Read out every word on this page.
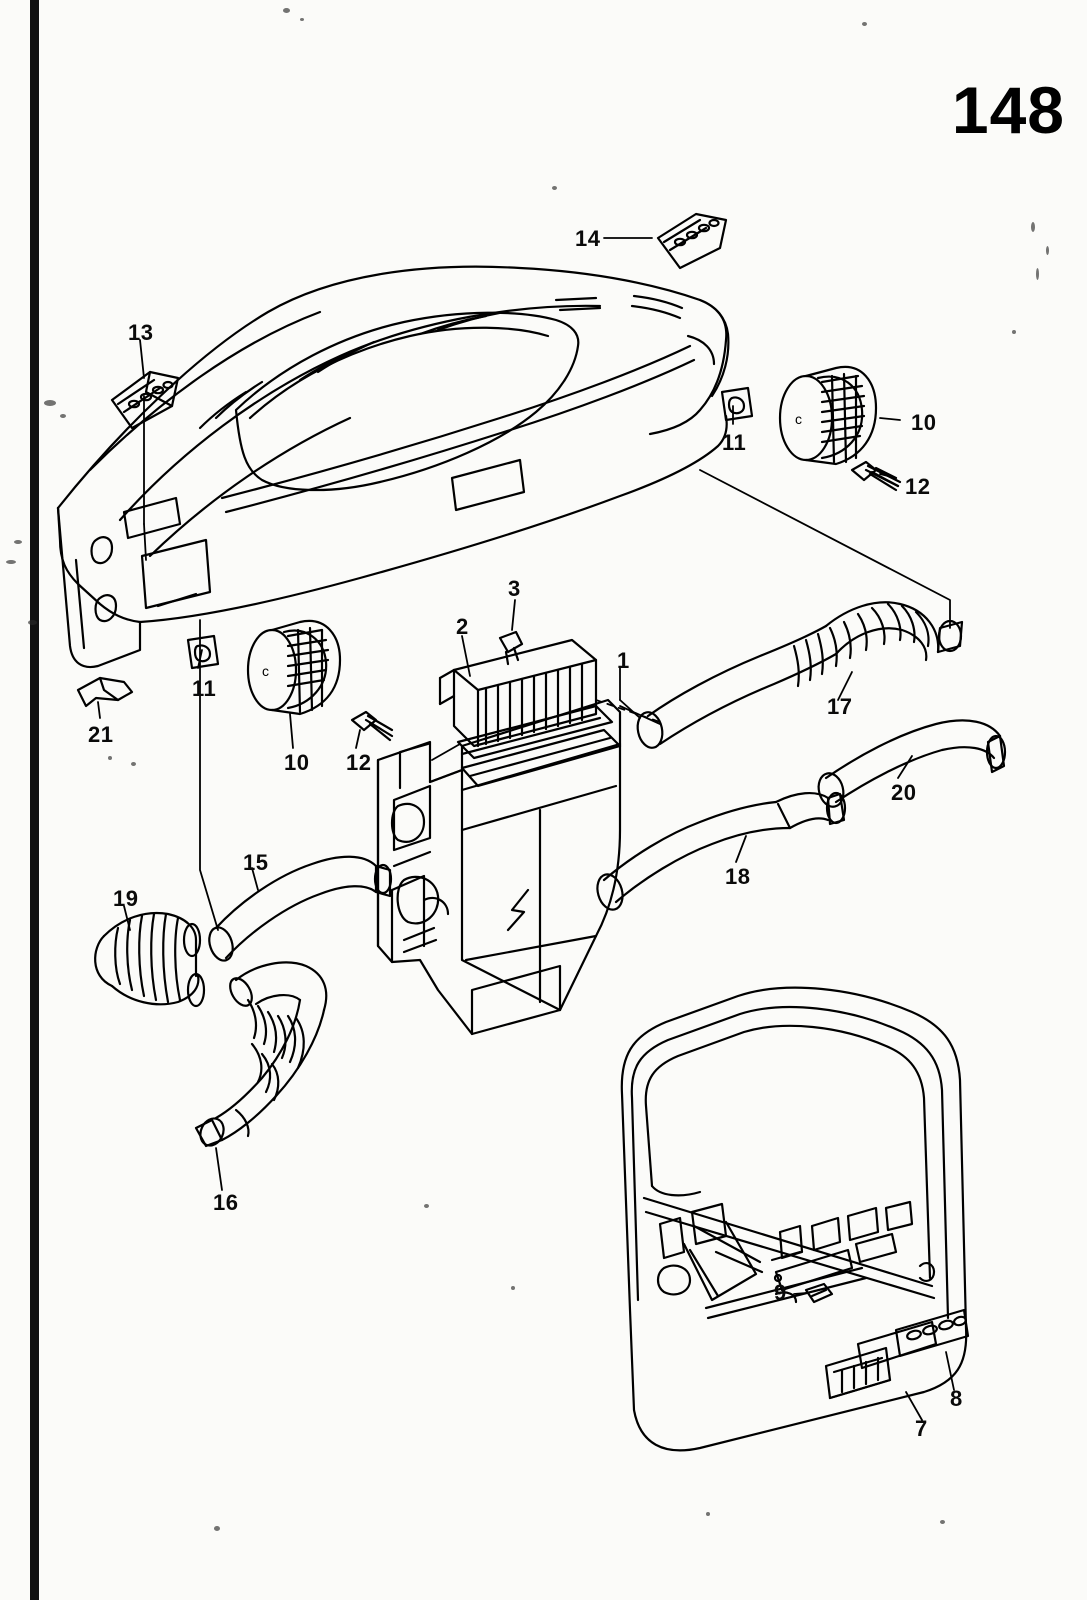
148
c
c
14
13
10
11
12
3
2
1
17
11
21
10 12
20
18
15
19
16
9
8
7
